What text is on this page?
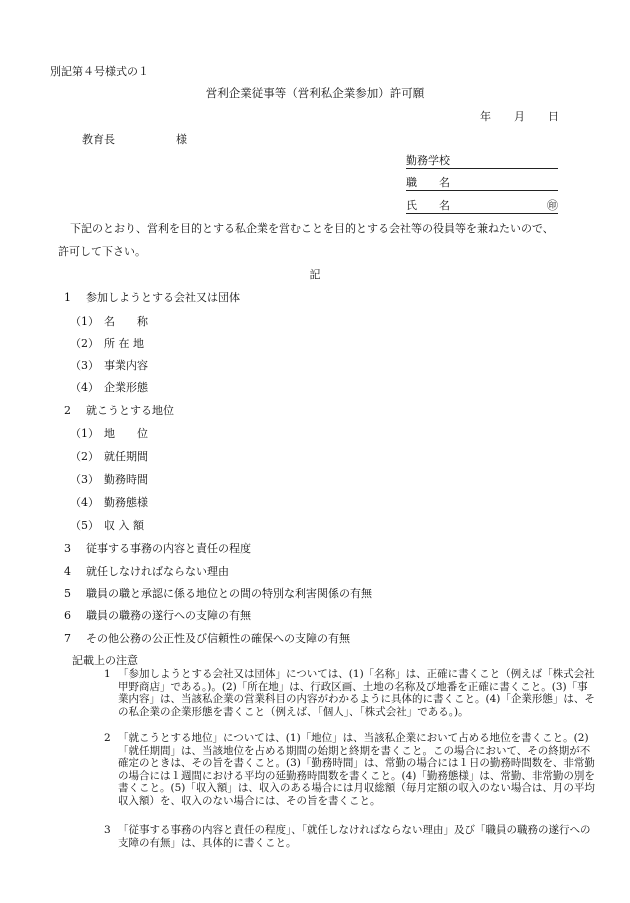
別記第４号様式の１
営利企業従事等（営利私企業参加）許可願
年 月 日
教育長	様
勤務学校
職　　名
氏　　名	㊞
下記のとおり、営利を目的とする私企業を営むことを目的とする会社等の役員等を兼ねたいので、
許可して下さい。
記
1 参加しようとする会社又は団体
（1） 名　　称
（2） 所 在 地
（3） 事業内容
（4） 企業形態
2 就こうとする地位
（1） 地　　位
（2） 就任期間
（3） 勤務時間
（4） 勤務態様
（5） 収 入 額
3 従事する事務の内容と責任の程度
4 就任しなければならない理由
5 職員の職と承認に係る地位との間の特別な利害関係の有無
6 職員の職務の遂行への支障の有無
7 その他公務の公正性及び信頼性の確保への支障の有無
記載上の注意
1 「参加しようとする会社又は団体」については、(1)「名称」は、正確に書くこと（例えば「株式会社甲野商店」である。)。(2)「所在地」は、行政区画、土地の名称及び地番を正確に書くこと。(3)「事業内容」は、当該私企業の営業科目の内容がわかるように具体的に書くこと。(4)「企業形態」は、その私企業の企業形態を書くこと（例えば、「個人」、「株式会社」である。)。
2 「就こうとする地位」については、(1)「地位」は、当該私企業において占める地位を書くこと。(2)「就任期間」は、当該地位を占める期間の始期と終期を書くこと。この場合において、その終期が不確定のときは、その旨を書くこと。(3)「勤務時間」は、常勤の場合には１日の勤務時間数を、非常勤の場合には１週間における平均の延勤務時間数を書くこと。(4)「勤務態様」は、常勤、非常勤の別を書くこと。(5)「収入額」は、収入のある場合には月収総額（毎月定額の収入のない場合は、月の平均収入額）を、収入のない場合には、その旨を書くこと。
3 「従事する事務の内容と責任の程度」、「就任しなければならない理由」及び「職員の職務の遂行への支障の有無」は、具体的に書くこと。
